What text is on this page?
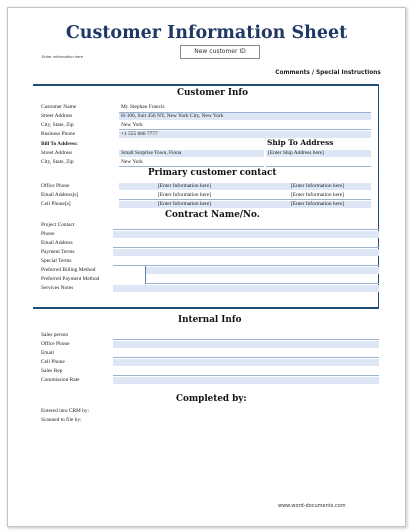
Customer Information Sheet
Enter information here
New customer ID
Comments / Special Instructions
Customer Info
Customer Name	Mr. Stephan Francis
Street Address	H-106, Suit 456 NY, New York City, New York
City, State, Zip	New York
Business Phone	+1 555 666 7777
Bill To Address:	Ship To Address
Street Address	Small Surprise Town, Fiona	[Enter Ship Address here]
City, State, Zip	New York
Primary customer contact
Office Phone	[Enter Information here]	[Enter Information here]
Email Address[s]	[Enter Information here]	[Enter Information here]
Cell Phone[s]	[Enter Information here]	[Enter Information here]
Contract Name/No.
Project Contact
Phone
Email Address
Payment Terms
Special Terms
Preferred Billing Method
Preferred Payment Method
Services Notes
Internal Info
Sales person
Office Phone
Email
Cell Phone
Sales Rep
Commission Rate
Completed by:
Entered into CRM by:
Scanned to file by:
www.word-documents.com
